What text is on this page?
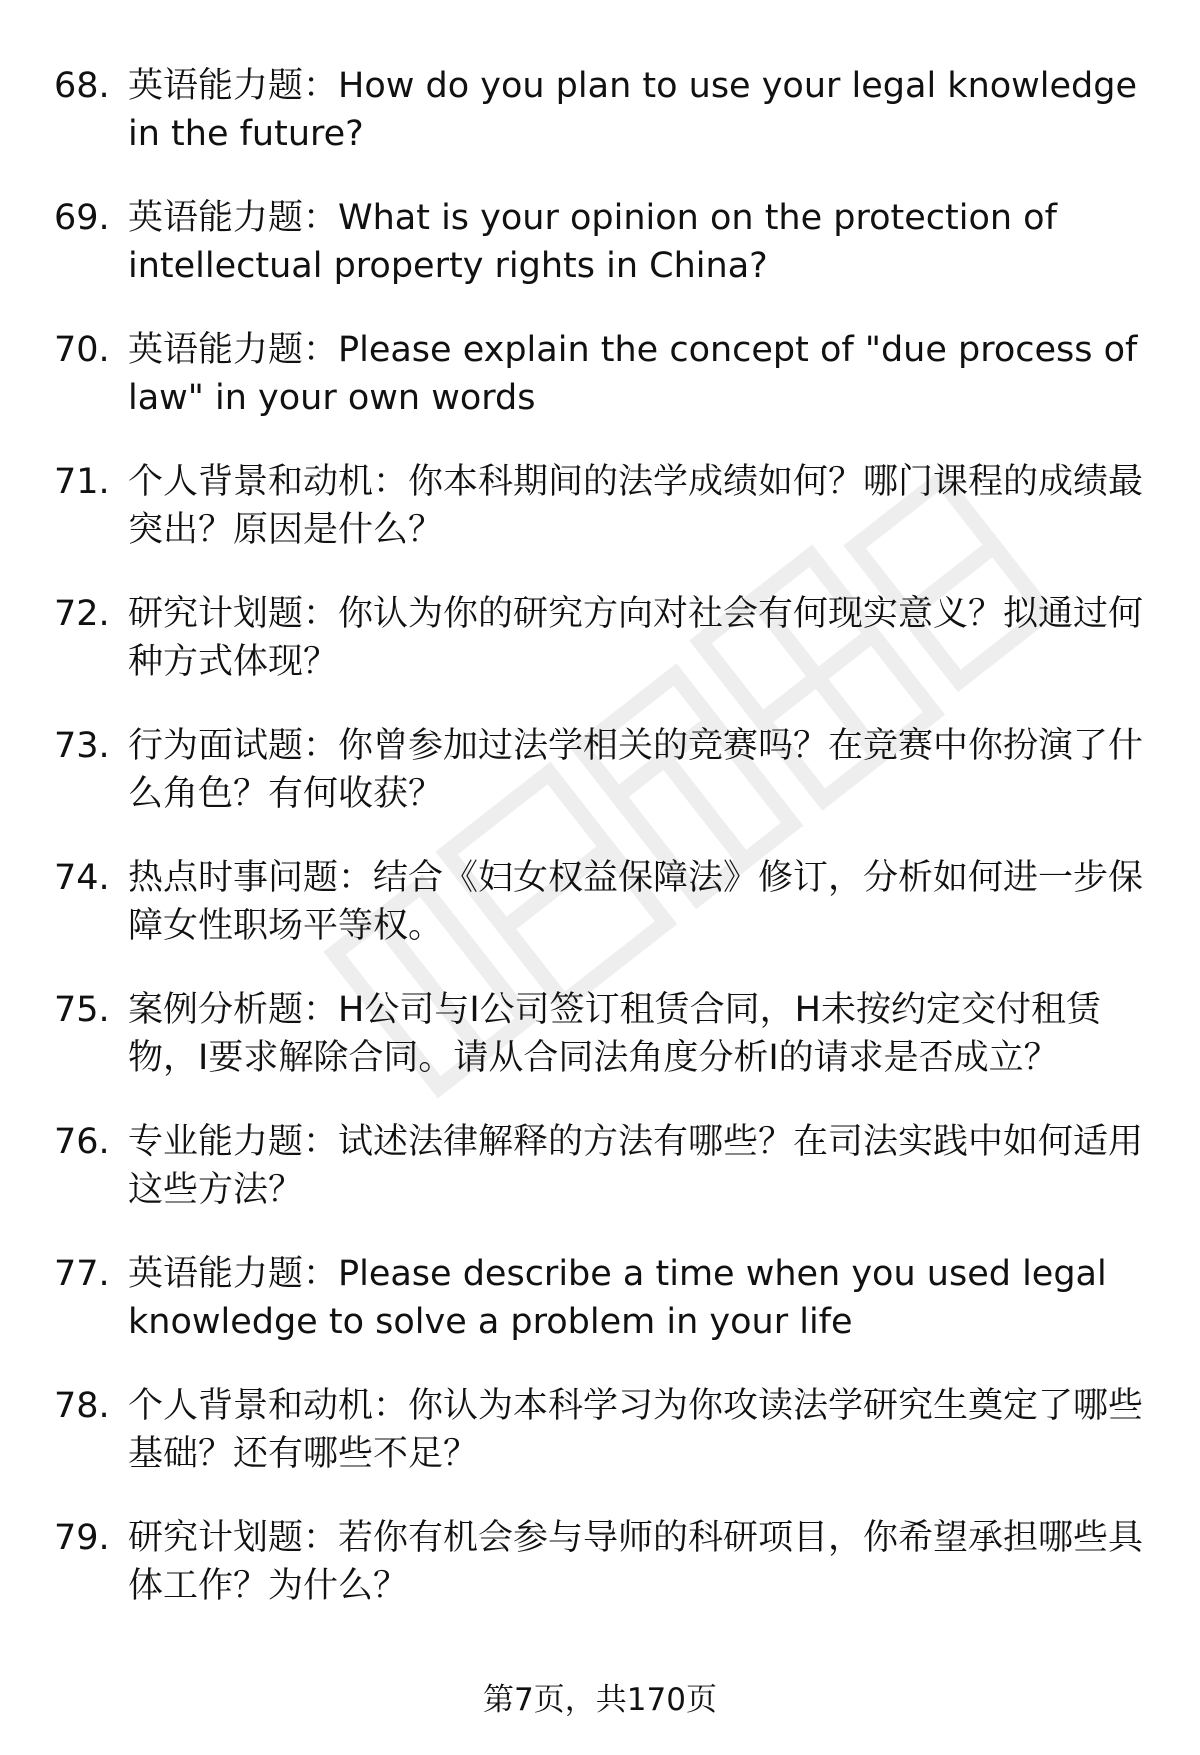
68. 英语能力题：How do you plan to use your legal knowledge in the future?
69. 英语能力题：What is your opinion on the protection of intellectual property rights in China?
70. 英语能力题：Please explain the concept of "due process of law" in your own words
71. 个人背景和动机：你本科期间的法学成绩如何？哪门课程的成绩最突出？原因是什么？
72. 研究计划题：你认为你的研究方向对社会有何现实意义？拟通过何种方式体现？
73. 行为面试题：你曾参加过法学相关的竞赛吗？在竞赛中你扮演了什么角色？有何收获？
74. 热点时事问题：结合《妇女权益保障法》修订，分析如何进一步保障女性职场平等权。
75. 案例分析题：H公司与I公司签订租赁合同，H未按约定交付租赁物，I要求解除合同。请从合同法角度分析I的请求是否成立？
76. 专业能力题：试述法律解释的方法有哪些？在司法实践中如何适用这些方法？
77. 英语能力题：Please describe a time when you used legal knowledge to solve a problem in your life
78. 个人背景和动机：你认为本科学习为你攻读法学研究生奠定了哪些基础？还有哪些不足？
79. 研究计划题：若你有机会参与导师的科研项目，你希望承担哪些具体工作？为什么？
第7页，共170页
